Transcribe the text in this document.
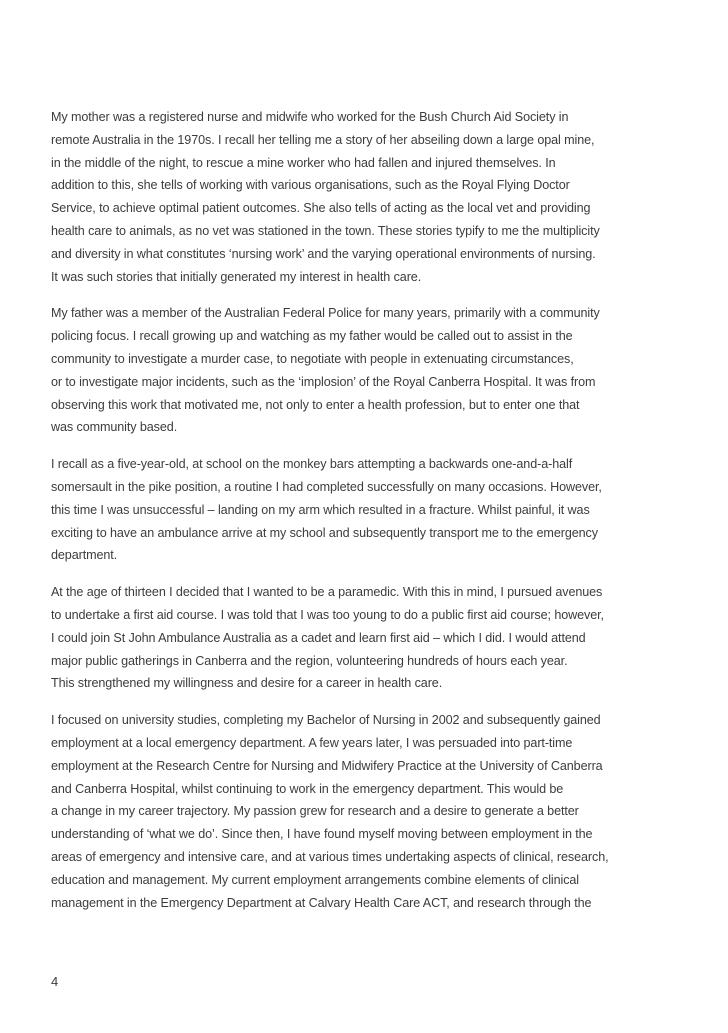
My mother was a registered nurse and midwife who worked for the Bush Church Aid Society in
remote Australia in the 1970s. I recall her telling me a story of her abseiling down a large opal mine,
in the middle of the night, to rescue a mine worker who had fallen and injured themselves. In
addition to this, she tells of working with various organisations, such as the Royal Flying Doctor
Service, to achieve optimal patient outcomes. She also tells of acting as the local vet and providing
health care to animals, as no vet was stationed in the town. These stories typify to me the multiplicity
and diversity in what constitutes ‘nursing work’ and the varying operational environments of nursing.
It was such stories that initially generated my interest in health care.

My father was a member of the Australian Federal Police for many years, primarily with a community
policing focus. I recall growing up and watching as my father would be called out to assist in the
community to investigate a murder case, to negotiate with people in extenuating circumstances,
or to investigate major incidents, such as the ‘implosion’ of the Royal Canberra Hospital. It was from
observing this work that motivated me, not only to enter a health profession, but to enter one that
was community based.

I recall as a five-year-old, at school on the monkey bars attempting a backwards one-and-a-half
somersault in the pike position, a routine I had completed successfully on many occasions. However,
this time I was unsuccessful – landing on my arm which resulted in a fracture. Whilst painful, it was
exciting to have an ambulance arrive at my school and subsequently transport me to the emergency
department.

At the age of thirteen I decided that I wanted to be a paramedic. With this in mind, I pursued avenues
to undertake a first aid course. I was told that I was too young to do a public first aid course; however,
I could join St John Ambulance Australia as a cadet and learn first aid – which I did. I would attend
major public gatherings in Canberra and the region, volunteering hundreds of hours each year.
This strengthened my willingness and desire for a career in health care.

I focused on university studies, completing my Bachelor of Nursing in 2002 and subsequently gained
employment at a local emergency department. A few years later, I was persuaded into part-time
employment at the Research Centre for Nursing and Midwifery Practice at the University of Canberra
and Canberra Hospital, whilst continuing to work in the emergency department. This would be
a change in my career trajectory. My passion grew for research and a desire to generate a better
understanding of ‘what we do’. Since then, I have found myself moving between employment in the
areas of emergency and intensive care, and at various times undertaking aspects of clinical, research,
education and management. My current employment arrangements combine elements of clinical
management in the Emergency Department at Calvary Health Care ACT, and research through the

4
